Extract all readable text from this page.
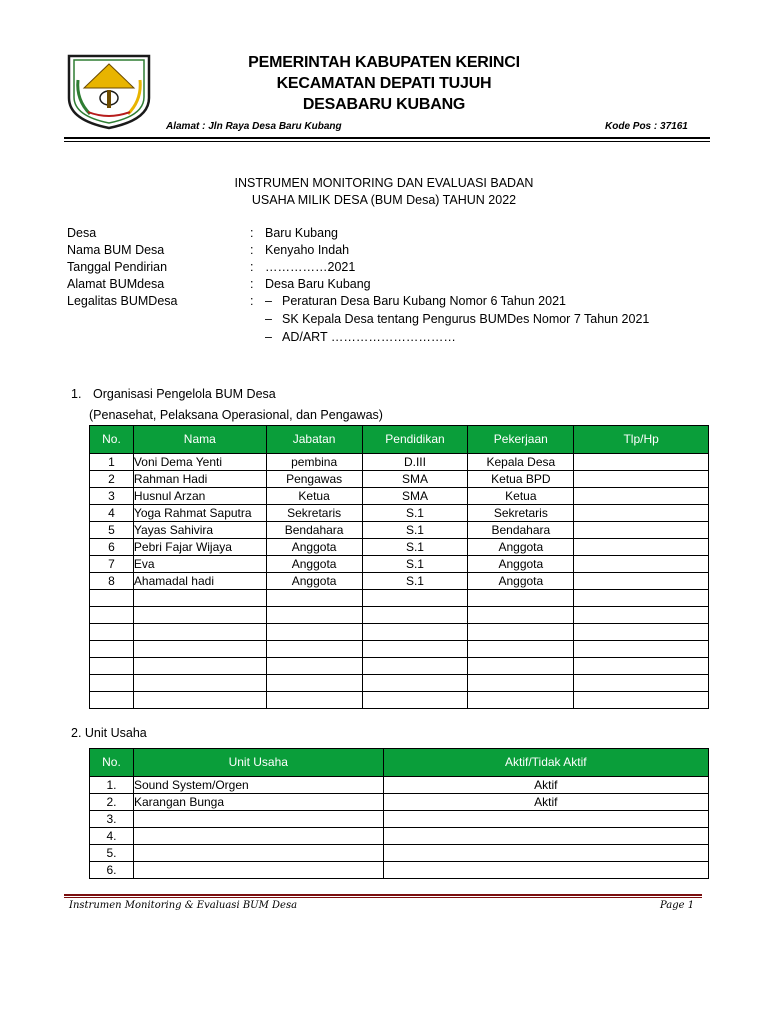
PEMERINTAH KABUPATEN KERINCI
KECAMATAN DEPATI TUJUH
DESABARU KUBANG
Alamat : Jln Raya Desa Baru Kubang	Kode Pos : 37161
INSTRUMEN MONITORING DAN EVALUASI BADAN
USAHA MILIK DESA (BUM Desa) TAHUN 2022
Desa	: Baru Kubang
Nama BUM Desa	: Kenyaho Indah
Tanggal Pendirian	: ……………2021
Alamat BUMdesa	: Desa Baru Kubang
Legalitas BUMDesa	: – Peraturan Desa Baru Kubang Nomor 6 Tahun 2021
– SK Kepala Desa tentang Pengurus BUMDes Nomor 7 Tahun 2021
– AD/ART …………………………
1. Organisasi Pengelola BUM Desa
(Penasehat, Pelaksana Operasional, dan Pengawas)
No.	Nama	Jabatan	Pendidikan	Pekerjaan	Tlp/Hp
1	Voni Dema Yenti	pembina	D.III	Kepala Desa	
2	Rahman Hadi	Pengawas	SMA	Ketua BPD	
3	Husnul Arzan	Ketua	SMA	Ketua	
4	Yoga Rahmat Saputra	Sekretaris	S.1	Sekretaris	
5	Yayas Sahivira	Bendahara	S.1	Bendahara	
6	Pebri Fajar Wijaya	Anggota	S.1	Anggota	
7	Eva	Anggota	S.1	Anggota	
8	Ahamadal hadi	Anggota	S.1	Anggota	

2. Unit Usaha
No.	Unit Usaha	Aktif/Tidak Aktif
1.	Sound System/Orgen	Aktif
2.	Karangan Bunga	Aktif
3.		
4.		
5.		
6.		
Instrumen Monitoring & Evaluasi BUM Desa	Page 1
